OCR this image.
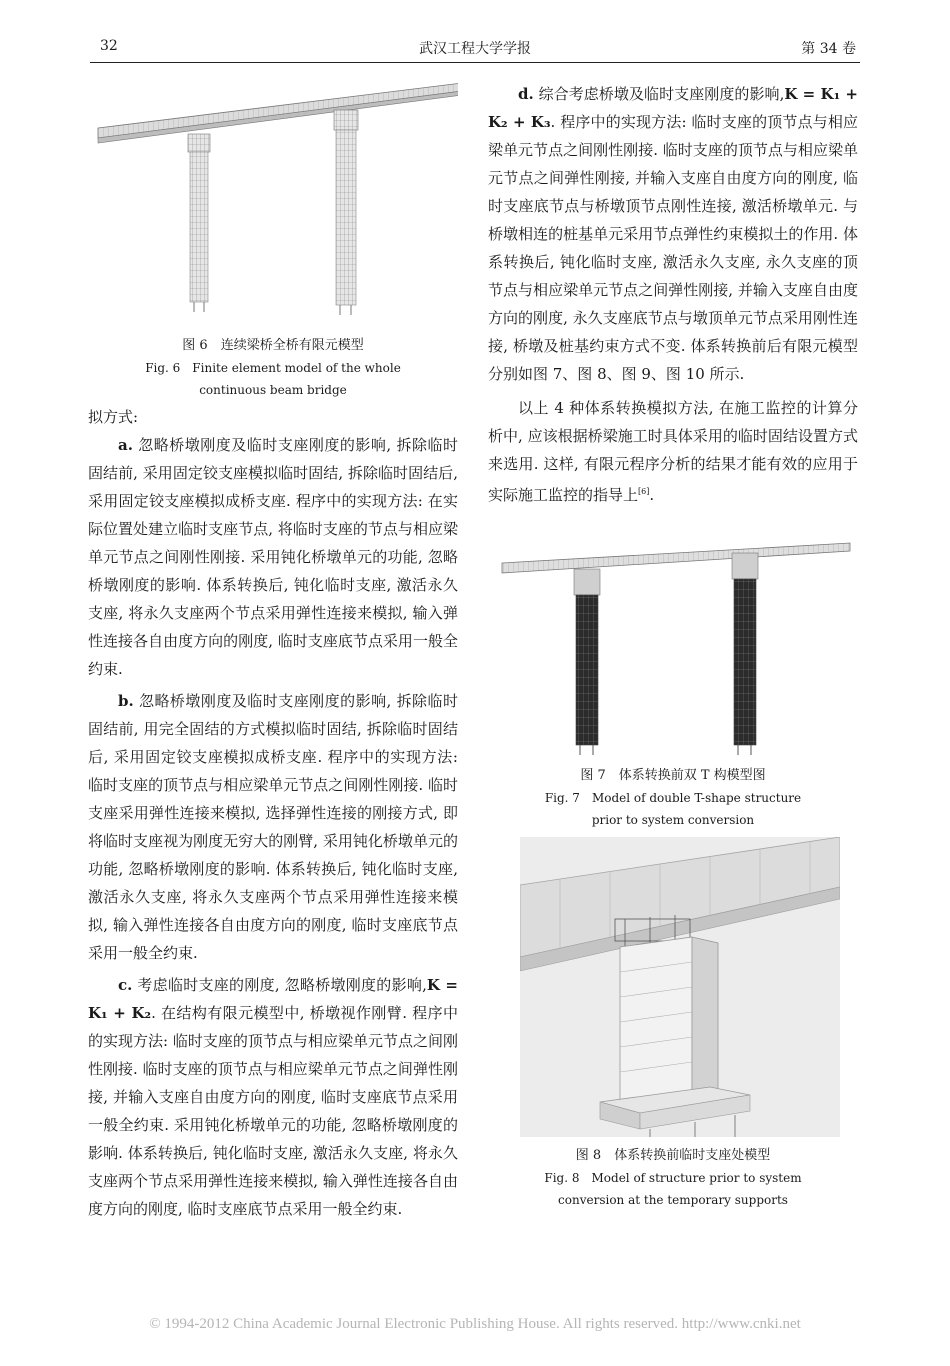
32	武汉工程大学学报	第 34 卷
图 6　连续梁桥全桥有限元模型
Fig. 6　Finite element model of the whole
continuous beam bridge

拟方式:

a. 忽略桥墩刚度及临时支座刚度的影响, 拆除临时固结前, 采用固定铰支座模拟临时固结, 拆除临时固结后, 采用固定铰支座模拟成桥支座. 程序中的实现方法: 在实际位置处建立临时支座节点, 将临时支座的节点与相应梁单元节点之间刚性刚接. 采用钝化桥墩单元的功能, 忽略桥墩刚度的影响. 体系转换后, 钝化临时支座, 激活永久支座, 将永久支座两个节点采用弹性连接来模拟, 输入弹性连接各自由度方向的刚度, 临时支座底节点采用一般全约束.

b. 忽略桥墩刚度及临时支座刚度的影响, 拆除临时固结前, 用完全固结的方式模拟临时固结, 拆除临时固结后, 采用固定铰支座模拟成桥支座. 程序中的实现方法: 临时支座的顶节点与相应梁单元节点之间刚性刚接. 临时支座采用弹性连接来模拟, 选择弹性连接的刚接方式, 即将临时支座视为刚度无穷大的刚臂, 采用钝化桥墩单元的功能, 忽略桥墩刚度的影响. 体系转换后, 钝化临时支座, 激活永久支座, 将永久支座两个节点采用弹性连接来模拟, 输入弹性连接各自由度方向的刚度, 临时支座底节点采用一般全约束.

c. 考虑临时支座的刚度, 忽略桥墩刚度的影响,K = K₁ + K₂. 在结构有限元模型中, 桥墩视作刚臂. 程序中的实现方法: 临时支座的顶节点与相应梁单元节点之间刚性刚接. 临时支座的顶节点与相应梁单元节点之间弹性刚接, 并输入支座自由度方向的刚度, 临时支座底节点采用一般全约束. 采用钝化桥墩单元的功能, 忽略桥墩刚度的影响. 体系转换后, 钝化临时支座, 激活永久支座, 将永久支座两个节点采用弹性连接来模拟, 输入弹性连接各自由度方向的刚度, 临时支座底节点采用一般全约束.

d. 综合考虑桥墩及临时支座刚度的影响,K = K₁ + K₂ + K₃. 程序中的实现方法: 临时支座的顶节点与相应梁单元节点之间刚性刚接. 临时支座的顶节点与相应梁单元节点之间弹性刚接, 并输入支座自由度方向的刚度, 临时支座底节点与桥墩顶节点刚性连接, 激活桥墩单元. 与桥墩相连的桩基单元采用节点弹性约束模拟土的作用. 体系转换后, 钝化临时支座, 激活永久支座, 永久支座的顶节点与相应梁单元节点之间弹性刚接, 并输入支座自由度方向的刚度, 永久支座底节点与墩顶单元节点采用刚性连接, 桥墩及桩基约束方式不变. 体系转换前后有限元模型分别如图 7、图 8、图 9、图 10 所示.

以上 4 种体系转换模拟方法, 在施工监控的计算分析中, 应该根据桥梁施工时具体采用的临时固结设置方式来选用. 这样, 有限元程序分析的结果才能有效的应用于实际施工监控的指导上[6].

图 7　体系转换前双 T 构模型图
Fig. 7　Model of double T-shape structure
prior to system conversion
图 8　体系转换前临时支座处模型
Fig. 8　Model of structure prior to system
conversion at the temporary supports
© 1994-2012 China Academic Journal Electronic Publishing House. All rights reserved. http://www.cnki.net
